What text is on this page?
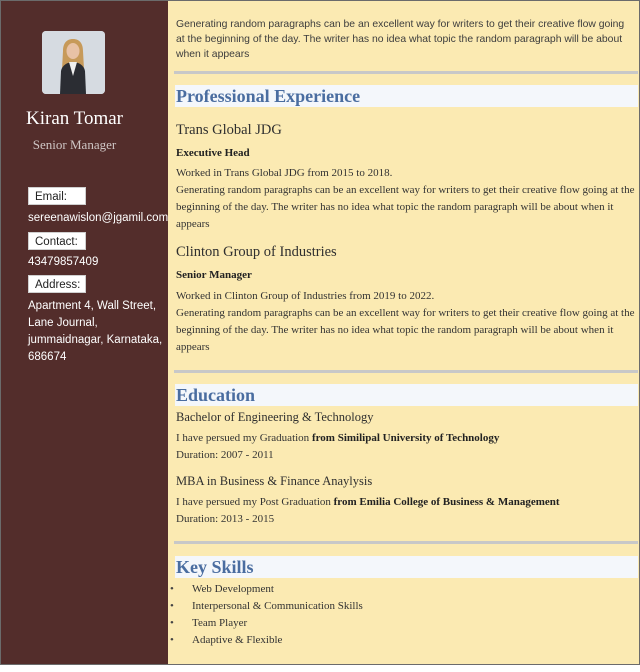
Kiran Tomar
Senior Manager
Email:
sereenawislon@jgamil.com
Contact:
43479857409
Address:
Apartment 4, Wall Street,
Lane Journal,
jummaidnagar, Karnataka,
686674
Generating random paragraphs can be an excellent way for writers to get their creative flow going at the beginning of the day. The writer has no idea what topic the random paragraph will be about when it appears
Professional Experience
Trans Global JDG
Executive Head
Worked in Trans Global JDG from 2015 to 2018.
Generating random paragraphs can be an excellent way for writers to get their creative flow going at the beginning of the day. The writer has no idea what topic the random paragraph will be about when it appears
Clinton Group of Industries
Senior Manager
Worked in Clinton Group of Industries from 2019 to 2022.
Generating random paragraphs can be an excellent way for writers to get their creative flow going at the beginning of the day. The writer has no idea what topic the random paragraph will be about when it appears
Education
Bachelor of Engineering & Technology
I have persued my Graduation from Similipal University of Technology
Duration: 2007 - 2011
MBA in Business & Finance Anaylysis
I have persued my Post Graduation from Emilia College of Business & Management
Duration: 2013 - 2015
Key Skills
• Web Development
• Interpersonal & Communication Skills
• Team Player
• Adaptive & Flexible
